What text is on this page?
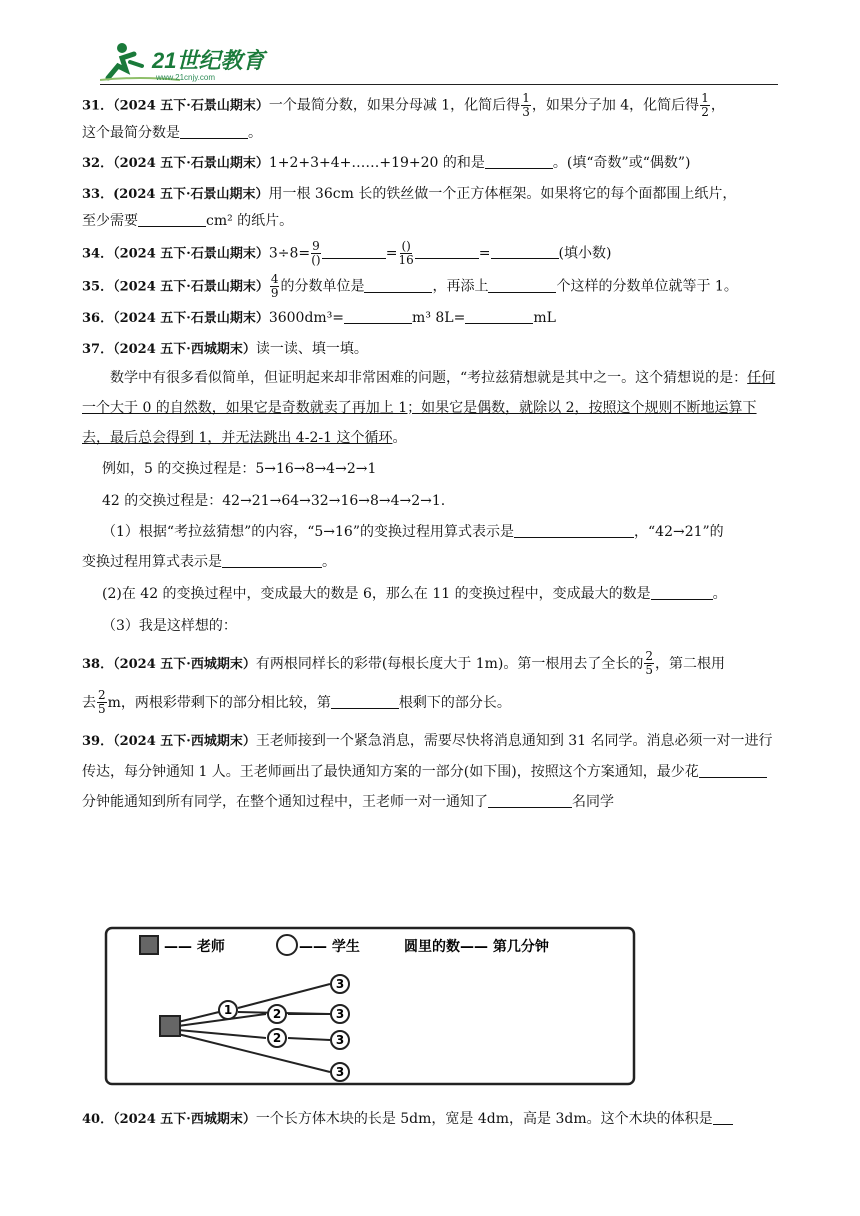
21世纪教育
www.21cnjy.com
31．（2024 五下·石景山期末）一个最简分数，如果分母减 1，化简后得 $\frac{1}{3}$ ，如果分子加 4，化简后得 $\frac{1}{2}$ ，
这个最简分数是	。
32．（2024 五下·石景山期末）1+2+3+4+……+19+20 的和是	。(填“奇数”或“偶数”)
33．(2024 五下·石景山期末）用一根 36cm 长的铁丝做一个正方体框架。如果将它的每个面都围上纸片，
至少需要	cm² 的纸片。
34．（2024 五下·石景山期末）$3\div 8= \frac{9}{()}$	= $\frac{()}{16}$	=	(填小数)
35．（2024 五下·石景山期末） $\frac{4}{9}$ 的分数单位是	，再添上	个这样的分数单位就等于 1。
36．（2024 五下·石景山期末）3600dm³=	m³ 8L=	mL
37．（2024 五下·西城期末）读一读、填一填。
数学中有很多看似简单，但证明起来却非常困难的问题，“考拉兹猜想就是其中之一。这个猜想说的是：任何一个大于 0 的自然数，如果它是奇数就卖了再加上 1；如果它是偶数，就除以 2，按照这个规则不断地运算下去，最后总会得到 1，并无法跳出 4-2-1 这个循环。
例如，5 的交换过程是：5→16→8→4→2→1
42 的交换过程是：42→21→64→32→16→8→4→2→1.
（1）根据“考拉兹猜想”的内容，“5→16”的变换过程用算式表示是	，“42→21”的
变换过程用算式表示是	。
(2)在 42 的变换过程中，变成最大的数是 6，那么在 11 的变换过程中，变成最大的数是	。
（3）我是这样想的：
38．（2024 五下·西城期末）有两根同样长的彩带(每根长度大于 1m)。第一根用去了全长的 $\frac{2}{5}$ ，第二根用
去 $\frac{2}{5}$ m，两根彩带剩下的部分相比较，第	根剩下的部分长。
39．（2024 五下·西城期末）王老师接到一个紧急消息，需要尽快将消息通知到 31 名同学。消息必须一对一进行传达，每分钟通知 1 人。王老师画出了最快通知方案的一部分(如下围)，按照这个方案通知，最少花分钟能通知到所有同学，在整个通知过程中，王老师一对一通知了	名同学
—— 老师	—— 学生	圆里的数—— 第几分钟
1	2
2
3
3
3
3
40．（2024 五下·西城期末）一个长方体木块的长是 5dm，宽是 4dm，高是 3dm。这个木块的体积是
